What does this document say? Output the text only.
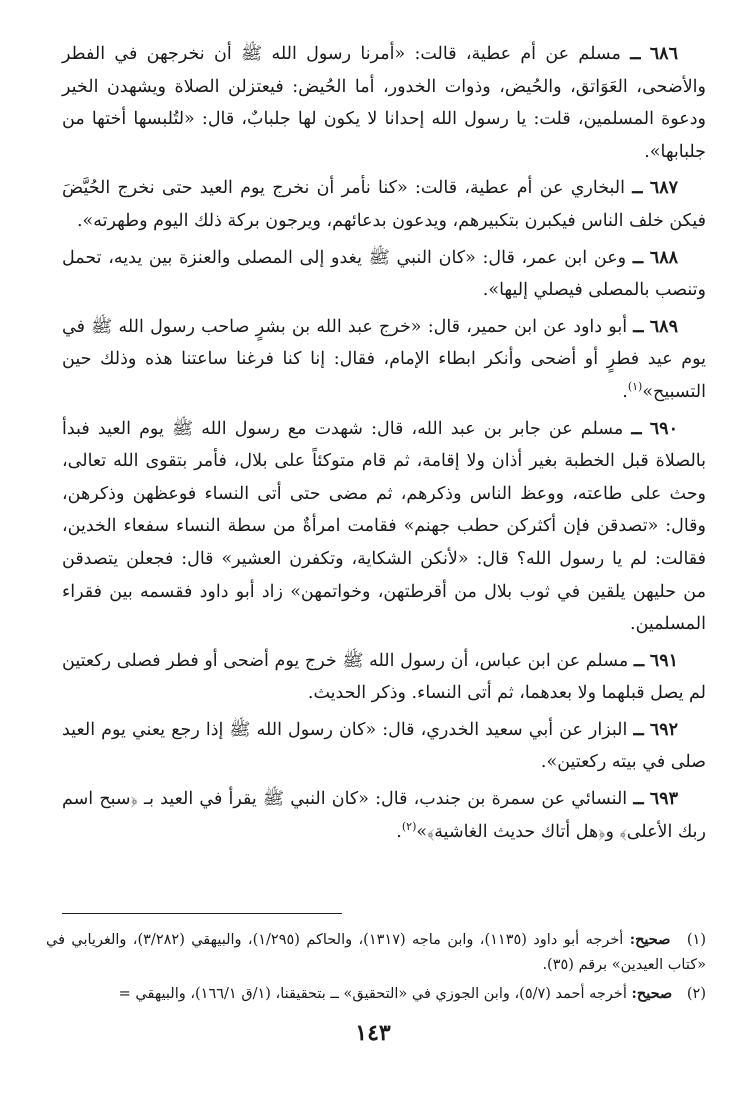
٦٨٦ ــ مسلم عن أم عطية، قالت: «أمرنا رسول الله ﷺ أن نخرجهن في الفطر والأضحى، العَوَاتق، والحُيض، وذوات الخدور، أما الحُيض: فيعتزلن الصلاة ويشهدن الخير ودعوة المسلمين، قلت: يا رسول الله إحدانا لا يكون لها جلبابٌ، قال: «لتُلبسها أختها من جلبابها».

٦٨٧ ــ البخاري عن أم عطية، قالت: «كنا نأمر أن نخرج يوم العيد حتى نخرج الحُيَّضَ فيكن خلف الناس فيكبرن بتكبيرهم، ويدعون بدعائهم، ويرجون بركة ذلك اليوم وطهرته».

٦٨٨ ــ وعن ابن عمر، قال: «كان النبي ﷺ يغدو إلى المصلى والعنزة بين يديه، تحمل وتنصب بالمصلى فيصلي إليها».

٦٨٩ ــ أبو داود عن ابن حمير، قال: «خرج عبد الله بن بشرٍ صاحب رسول الله ﷺ في يوم عيد فطرٍ أو أضحى وأنكر ابطاء الإمام، فقال: إنا كنا فرغنا ساعتنا هذه وذلك حين التسبيح»$^{(١)}$.

٦٩٠ ــ مسلم عن جابر بن عبد الله، قال: شهدت مع رسول الله ﷺ يوم العيد فبدأ بالصلاة قبل الخطبة بغير أذان ولا إقامة، ثم قام متوكئاً على بلال، فأمر بتقوى الله تعالى، وحث على طاعته، ووعظ الناس وذكرهم، ثم مضى حتى أتى النساء فوعظهن وذكرهن، وقال: «تصدقن فإن أكثركن حطب جهنم» فقامت امرأةٌ من سطة النساء سفعاء الخدين، فقالت: لم يا رسول الله؟ قال: «لأنكن الشكاية، وتكفرن العشير» قال: فجعلن يتصدقن من حليهن يلقين في ثوب بلال من أقرطتهن، وخواتمهن» زاد أبو داود فقسمه بين فقراء المسلمين.

٦٩١ ــ مسلم عن ابن عباس، أن رسول الله ﷺ خرج يوم أضحى أو فطر فصلى ركعتين لم يصل قبلهما ولا بعدهما، ثم أتى النساء. وذكر الحديث.

٦٩٢ ــ البزار عن أبي سعيد الخدري، قال: «كان رسول الله ﷺ إذا رجع يعني يوم العيد صلى في بيته ركعتين».

٦٩٣ ــ النسائي عن سمرة بن جندب، قال: «كان النبي ﷺ يقرأ في العيد بـ ﴿سبح اسم ربك الأعلى﴾ و﴿هل أتاك حديث الغاشية﴾»$^{(٢)}$.

(١) صحيح: أخرجه أبو داود (١١٣٥)، وابن ماجه (١٣١٧)، والحاكم (١/٢٩٥)، والبيهقي (٣/٢٨٢)، والغريابي في «كتاب العيدين» برقم (٣٥).

(٢) صحيح: أخرجه أحمد (٥/٧)، وابن الجوزي في «التحقيق» ــ بتحقيقنا، (١/ق ١٦٦/١)، والبيهقي =

١٤٣
